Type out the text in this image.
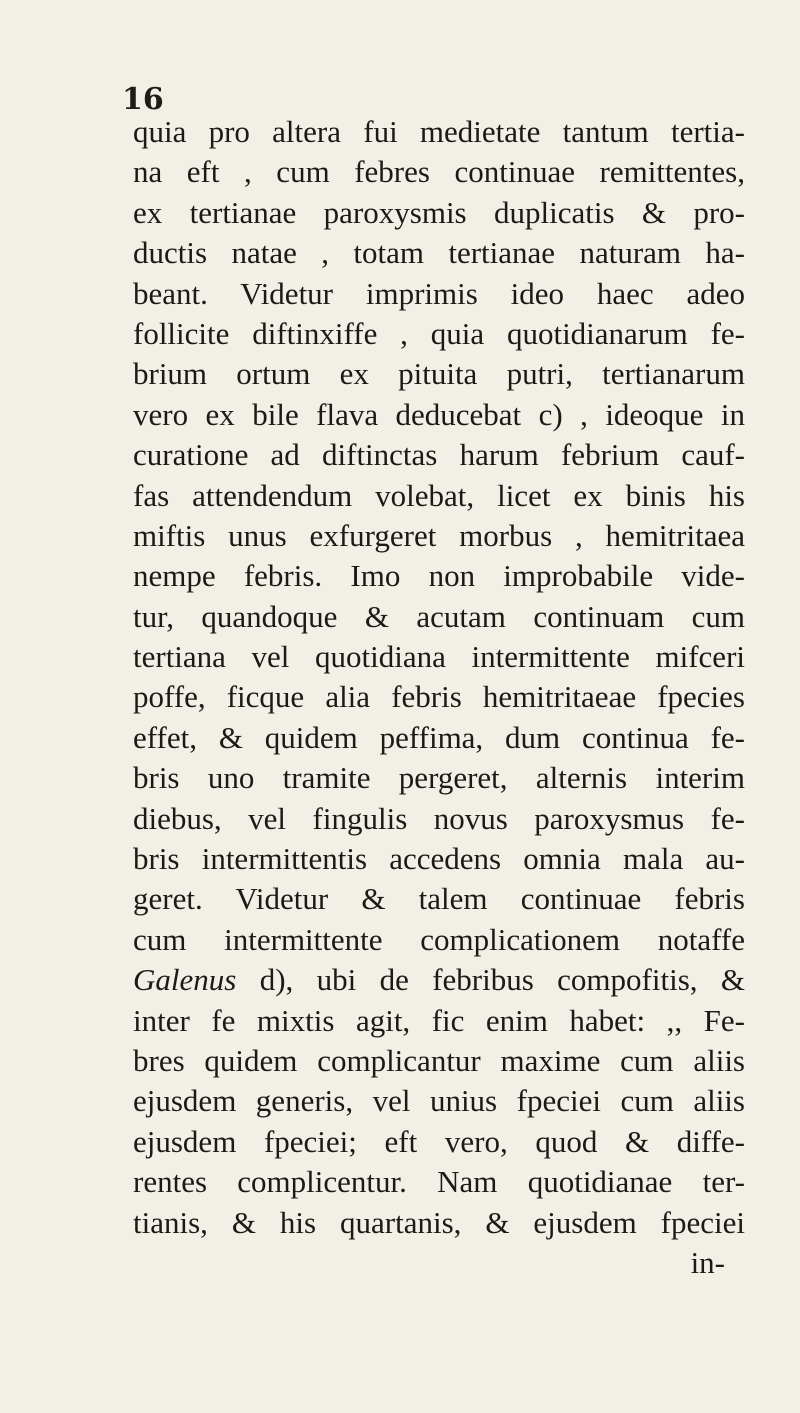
16
quia pro altera fui medietate tantum tertia-
na eft , cum febres continuae remittentes,
ex tertianae paroxysmis duplicatis & pro-
ductis natae , totam tertianae naturam ha-
beant. Videtur imprimis ideo haec adeo
follicite diftinxiffe , quia quotidianarum fe-
brium ortum ex pituita putri, tertianarum
vero ex bile flava deducebat c) , ideoque in
curatione ad diftinctas harum febrium cauf-
fas attendendum volebat, licet ex binis his
miftis unus exfurgeret morbus , hemitritaea
nempe febris. Imo non improbabile vide-
tur, quandoque & acutam continuam cum
tertiana vel quotidiana intermittente mifceri
poffe, ficque alia febris hemitritaeae fpecies
effet, & quidem peffima, dum continua fe-
bris uno tramite pergeret, alternis interim
diebus, vel fingulis novus paroxysmus fe-
bris intermittentis accedens omnia mala au-
geret. Videtur & talem continuae febris
cum intermittente complicationem notaffe
Galenus d), ubi de febribus compofitis, &
inter fe mixtis agit, fic enim habet: ,, Fe-
bres quidem complicantur maxime cum aliis
ejusdem generis, vel unius fpeciei cum aliis
ejusdem fpeciei; eft vero, quod & diffe-
rentes complicentur. Nam quotidianae ter-
tianis, & his quartanis, & ejusdem fpeciei
in-
